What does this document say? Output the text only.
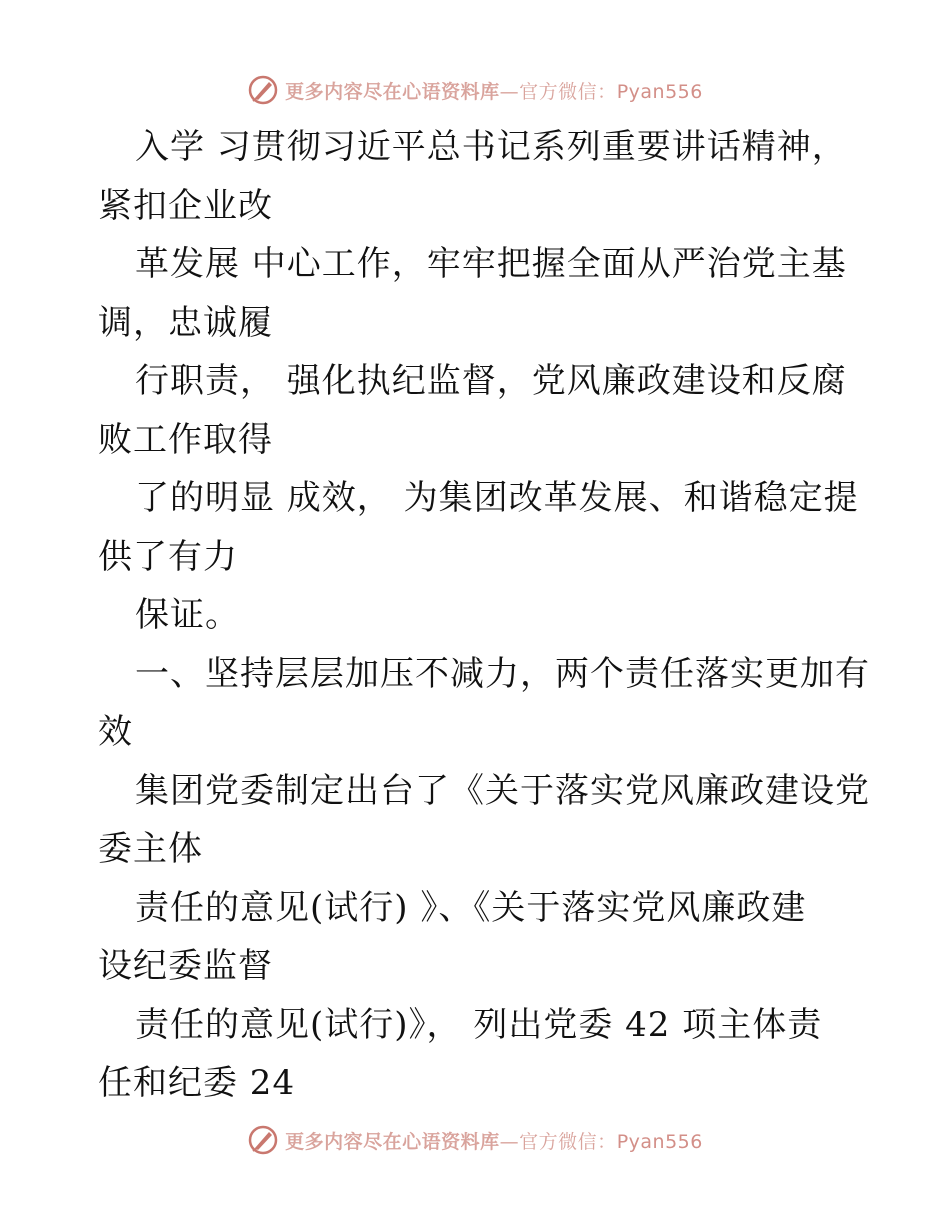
更多内容尽在心语资料库—官方微信：Pyan556
入学 习贯彻习近平总书记系列重要讲话精神，
紧扣企业改
革发展 中心工作，牢牢把握全面从严治党主基
调，忠诚履
行职责， 强化执纪监督，党风廉政建设和反腐
败工作取得
了的明显 成效， 为集团改革发展、和谐稳定提
供了有力
保证。
一、坚持层层加压不减力，两个责任落实更加有
效
集团党委制定出台了《关于落实党风廉政建设党
委主体
责任的意见(试行) 》、《关于落实党风廉政建
设纪委监督
责任的意见(试行)》， 列出党委 42 项主体责
任和纪委 24
更多内容尽在心语资料库—官方微信：Pyan556
